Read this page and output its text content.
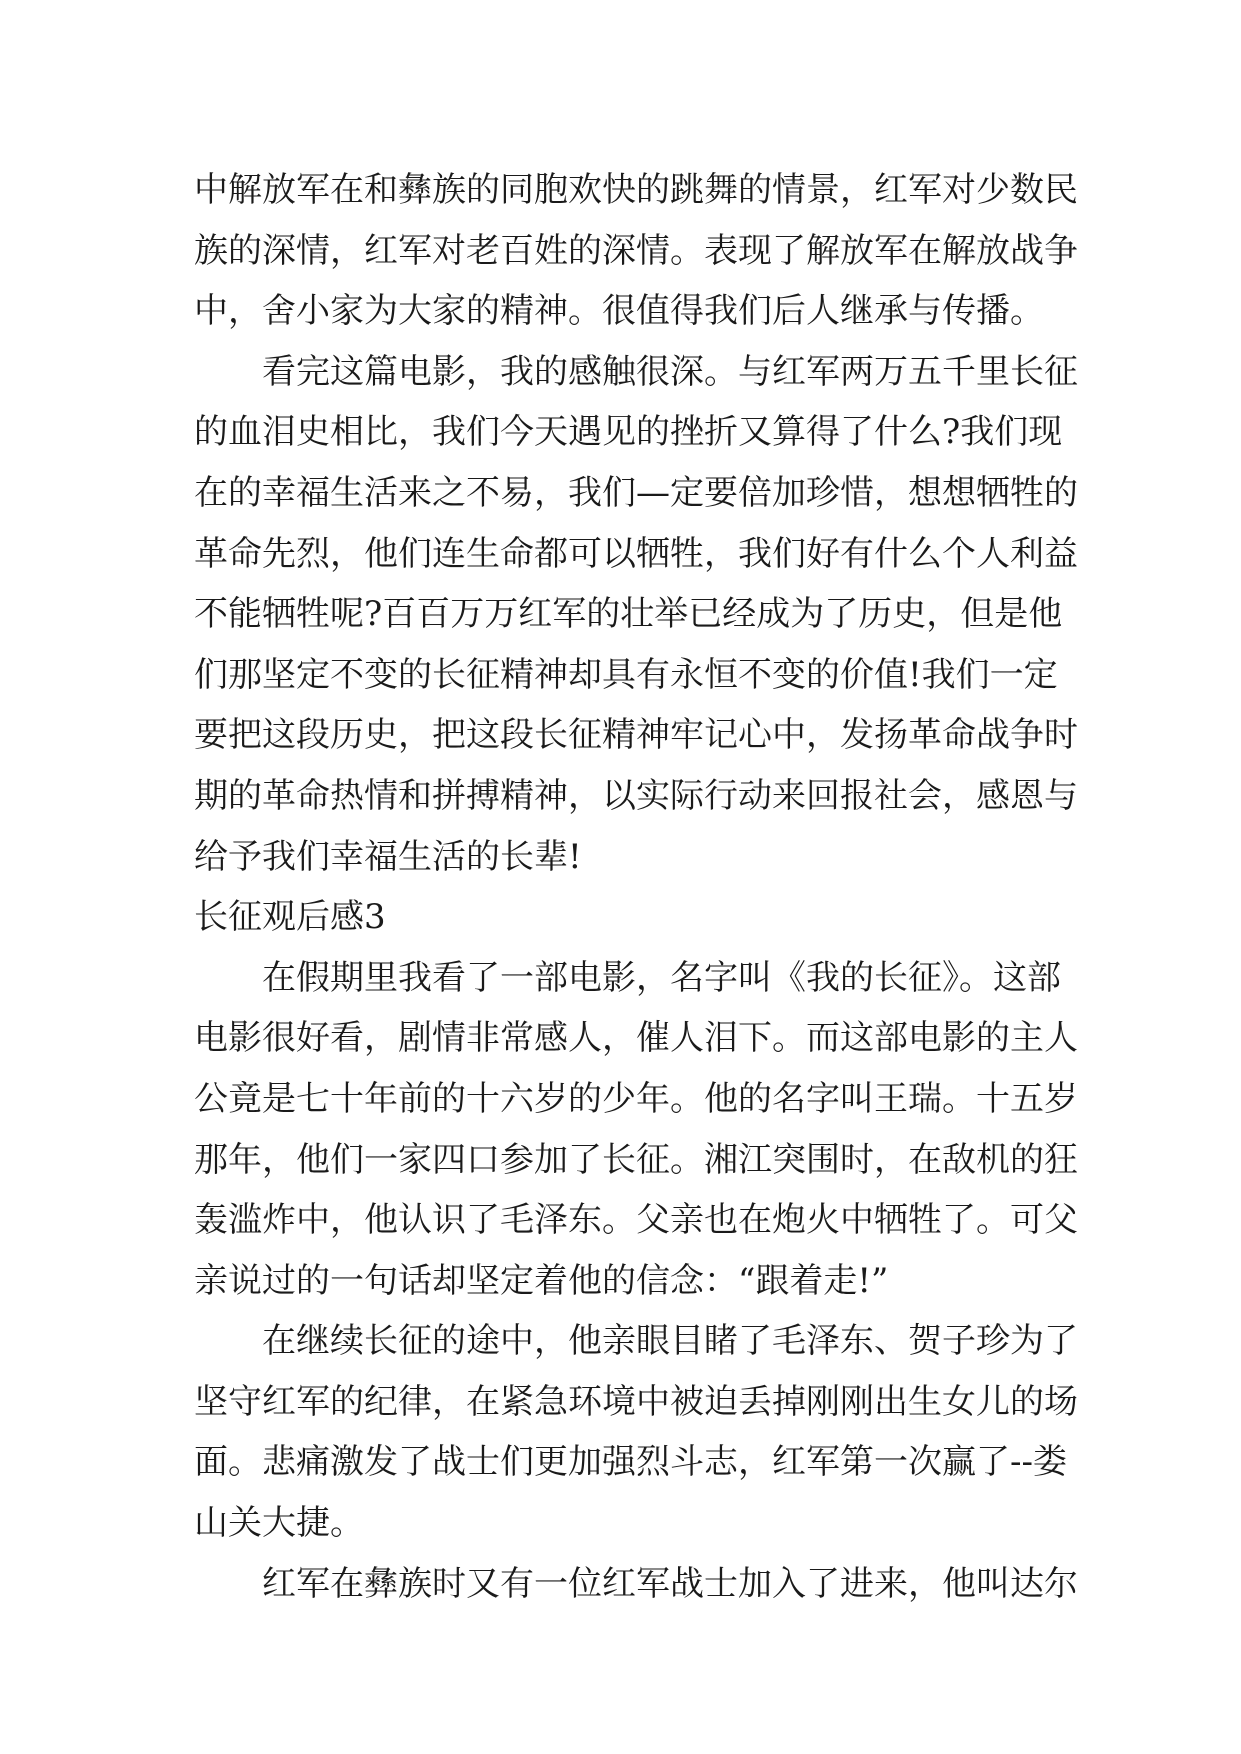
中解放军在和彝族的同胞欢快的跳舞的情景，红军对少数民
族的深情，红军对老百姓的深情。表现了解放军在解放战争
中，舍小家为大家的精神。很值得我们后人继承与传播。
看完这篇电影，我的感触很深。与红军两万五千里长征
的血泪史相比，我们今天遇见的挫折又算得了什么?我们现
在的幸福生活来之不易，我们—定要倍加珍惜，想想牺牲的
革命先烈，他们连生命都可以牺牲，我们好有什么个人利益
不能牺牲呢?百百万万红军的壮举已经成为了历史，但是他
们那坚定不变的长征精神却具有永恒不变的价值!我们一定
要把这段历史，把这段长征精神牢记心中，发扬革命战争时
期的革命热情和拼搏精神，以实际行动来回报社会，感恩与
给予我们幸福生活的长辈!
长征观后感3
在假期里我看了一部电影，名字叫《我的长征》。这部
电影很好看，剧情非常感人，催人泪下。而这部电影的主人
公竟是七十年前的十六岁的少年。他的名字叫王瑞。十五岁
那年，他们一家四口参加了长征。湘江突围时，在敌机的狂
轰滥炸中，他认识了毛泽东。父亲也在炮火中牺牲了。可父
亲说过的一句话却坚定着他的信念：“跟着走!”
在继续长征的途中，他亲眼目睹了毛泽东、贺子珍为了
坚守红军的纪律，在紧急环境中被迫丢掉刚刚出生女儿的场
面。悲痛激发了战士们更加强烈斗志，红军第一次赢了--娄
山关大捷。
红军在彝族时又有一位红军战士加入了进来，他叫达尔
